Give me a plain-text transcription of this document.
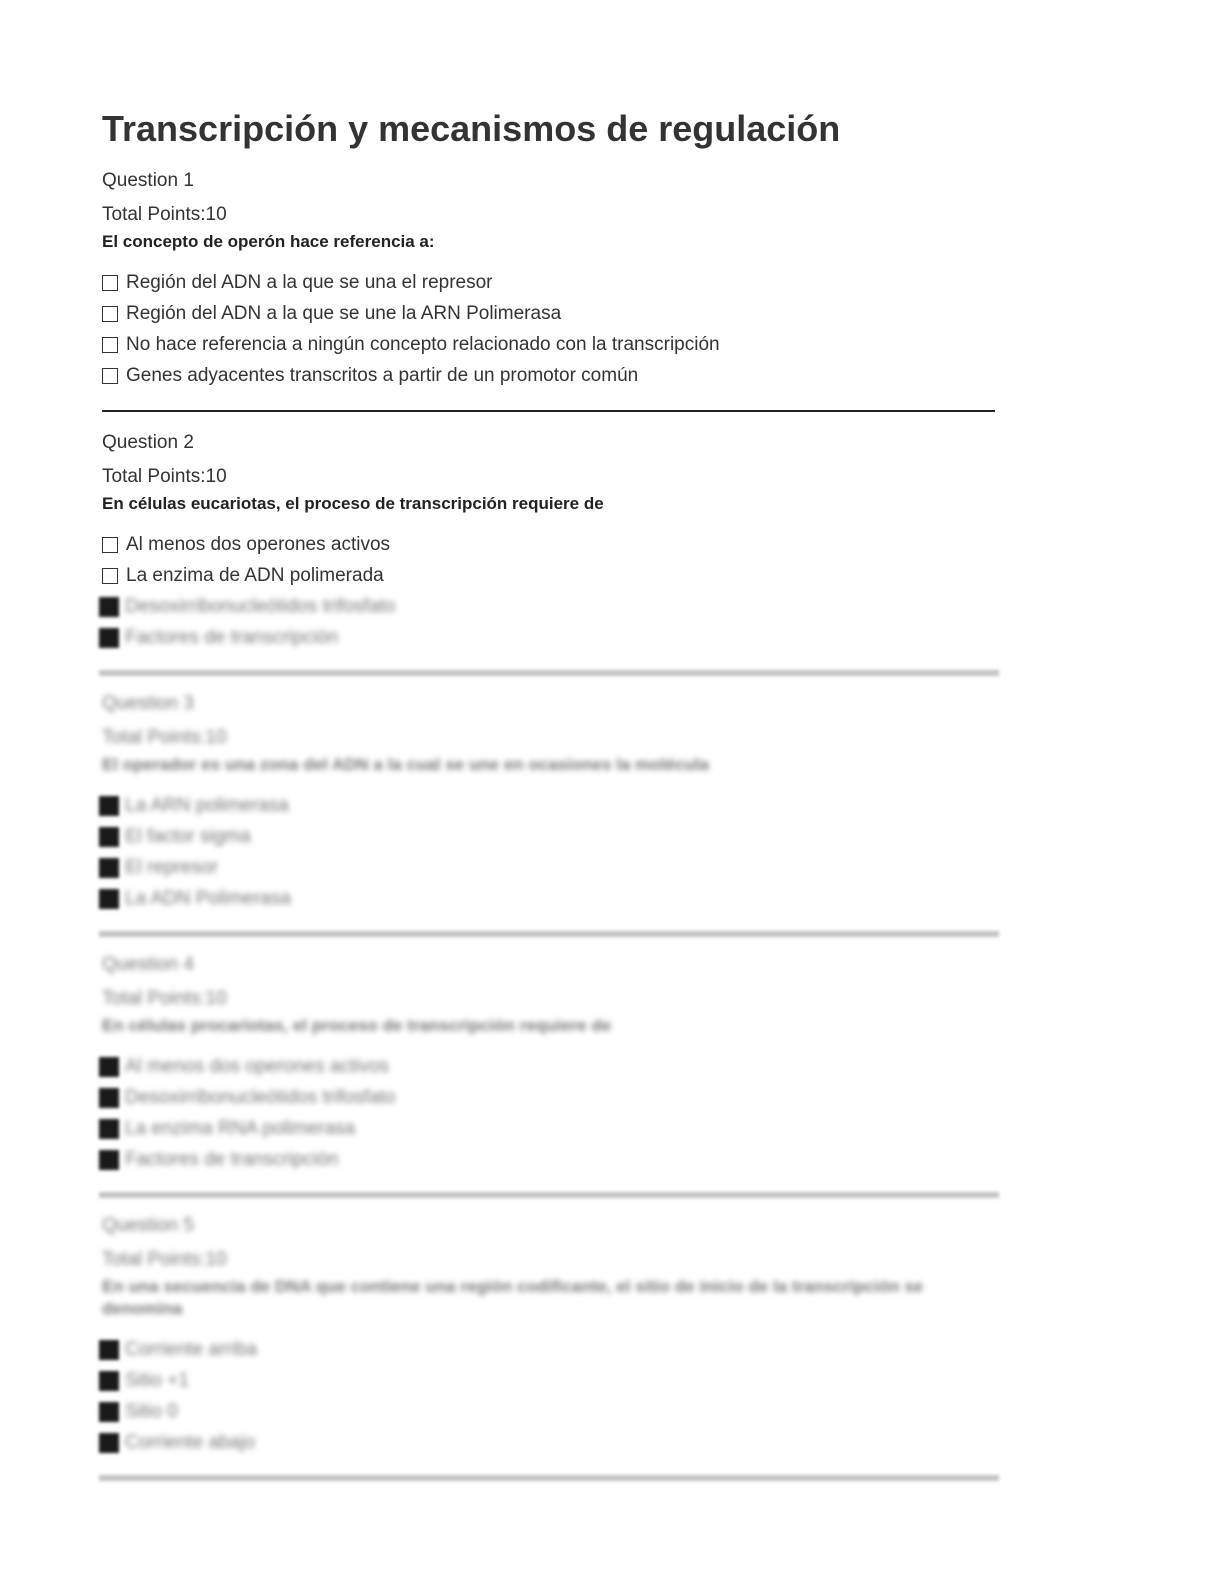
Transcripción y mecanismos de regulación
Question 1
Total Points:10
El concepto de operón hace referencia a:
Región del ADN a la que se una el represor
Región del ADN a la que se une la ARN Polimerasa
No hace referencia a ningún concepto relacionado con la transcripción
Genes adyacentes transcritos a partir de un promotor común
Question 2
Total Points:10
En células eucariotas, el proceso de transcripción requiere de
Al menos dos operones activos
La enzima de ADN polimerada
Desoxirribonucleótidos trifosfato
Factores de transcripción
Question 3
Total Points:10
El operador es una zona del ADN a la cual se une en ocasiones la molécula
La ARN polimerasa
El factor sigma
El represor
La ADN Polimerasa
Question 4
Total Points:10
En células procariotas, el proceso de transcripción requiere de
Al menos dos operones activos
Desoxirribonucleótidos trifosfato
La enzima RNA polimerasa
Factores de transcripción
Question 5
Total Points:10
En una secuencia de DNA que contiene una región codificante, el sitio de inicio de la transcripción se denomina
Corriente arriba
Sitio +1
Sitio 0
Corriente abajo
